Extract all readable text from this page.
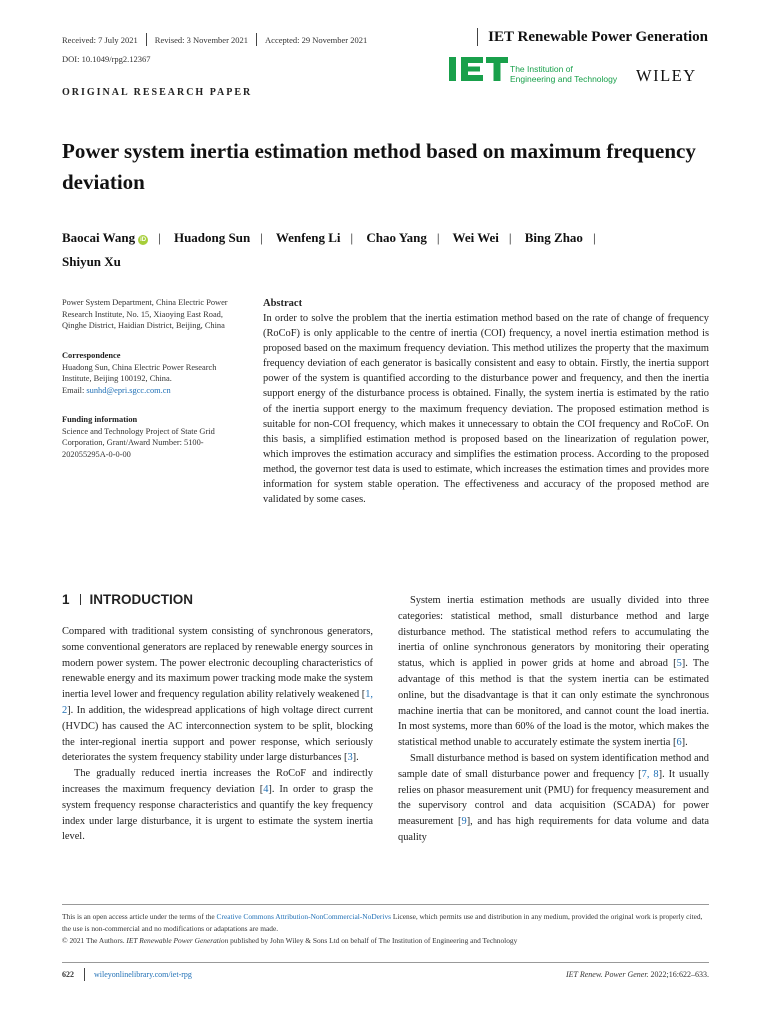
Received: 7 July 2021 Revised: 3 November 2021 Accepted: 29 November 2021
DOI: 10.1049/rpg2.12367
IET Renewable Power Generation
The Institution of
Engineering and Technology WILEY
ORIGINAL RESEARCH PAPER
Power system inertia estimation method based on maximum frequency deviation
Baocai Wang iD | Huadong Sun | Wenfeng Li | Chao Yang | Wei Wei | Bing Zhao |
Shiyun Xu
Power System Department, China Electric Power Research Institute, No. 15, Xiaoying East Road, Qinghe District, Haidian District, Beijing, China
Correspondence
Huadong Sun, China Electric Power Research Institute, Beijing 100192, China.
Email: sunhd@epri.sgcc.com.cn
Funding information
Science and Technology Project of State Grid Corporation, Grant/Award Number: 5100-202055295A-0-0-00
Abstract
In order to solve the problem that the inertia estimation method based on the rate of change of frequency (RoCoF) is only applicable to the centre of inertia (COI) frequency, a novel inertia estimation method is proposed based on the maximum frequency deviation. This method utilizes the property that the maximum frequency deviation of each generator is basically consistent and easy to obtain. Firstly, the inertia support power of the system is quantified according to the disturbance power and frequency, and then the inertia support energy of the disturbance process is obtained. Finally, the system inertia is estimated by the ratio of the inertia support energy to the maximum frequency deviation. The proposed estimation method is suitable for non-COI frequency, which makes it unnecessary to obtain the COI frequency and RoCoF. On this basis, a simplified estimation method is proposed based on the linearization of regulation power, which improves the estimation accuracy and simplifies the estimation process. According to the proposed method, the governor test data is used to estimate, which increases the estimation times and provides more information for system stable operation. The effectiveness and accuracy of the proposed method are validated by some cases.
1 INTRODUCTION

Compared with traditional system consisting of synchronous generators, some conventional generators are replaced by renewable energy sources in modern power system. The power electronic decoupling characteristics of renewable energy and its maximum power tracking mode make the system inertia level lower and frequency regulation ability relatively weakened [1, 2]. In addition, the widespread applications of high voltage direct current (HVDC) has caused the AC interconnection system to be split, blocking the inter-regional inertia support and power response, which seriously deteriorates the system frequency stability under large disturbances [3].

The gradually reduced inertia increases the RoCoF and indirectly increases the maximum frequency deviation [4]. In order to grasp the system frequency response characteristics and quantify the key frequency index under large disturbance, it is urgent to estimate the system inertia level.

System inertia estimation methods are usually divided into three categories: statistical method, small disturbance method and large disturbance method. The statistical method refers to accumulating the inertia of online synchronous generators by monitoring their operating status, which is applied in power grids at home and abroad [5]. The advantage of this method is that the system inertia can be estimated online, but the disadvantage is that it can only estimate the synchronous machine inertia that can be monitored, and cannot count the load inertia. In most systems, more than 60% of the load is the motor, which makes the statistical method unable to accurately estimate the system inertia [6].

Small disturbance method is based on system identification method and sample date of small disturbance power and frequency [7, 8]. It usually relies on phasor measurement unit (PMU) for frequency measurement and the supervisory control and data acquisition (SCADA) for power measurement [9], and has high requirements for data volume and data quality

This is an open access article under the terms of the Creative Commons Attribution-NonCommercial-NoDerivs License, which permits use and distribution in any medium, provided the original work is properly cited, the use is non-commercial and no modifications or adaptations are made.

© 2021 The Authors. IET Renewable Power Generation published by John Wiley & Sons Ltd on behalf of The Institution of Engineering and Technology

622	wileyonlinelibrary.com/iet-rpg	IET Renew. Power Gener. 2022;16:622–633.
